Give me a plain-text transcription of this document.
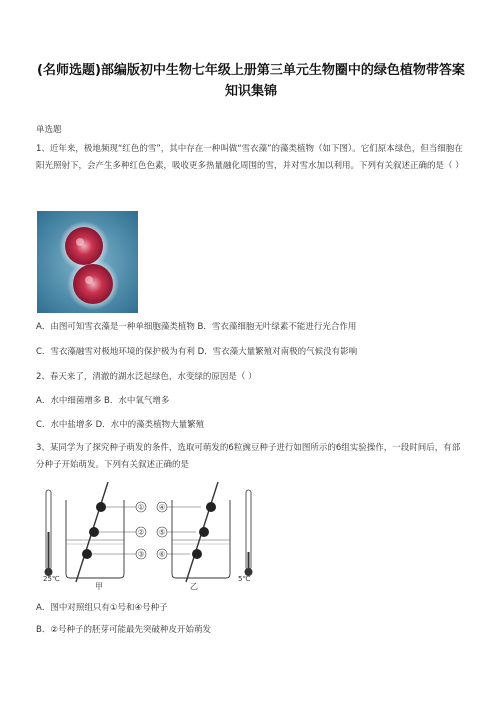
(名师选题)部编版初中生物七年级上册第三单元生物圈中的绿色植物带答案
知识集锦
单选题
1、近年来，极地频现“红色的雪”，其中存在一种叫做“雪衣藻”的藻类植物（如下图）。它们原本绿色，但当细胞在阳光照射下，会产生多种红色色素，吸收更多热量融化周围的雪，并对雪水加以利用。下列有关叙述正确的是（ ）
A．由图可知雪衣藻是一种单细胞藻类植物 B．雪衣藻细胞无叶绿素不能进行光合作用
C．雪衣藻融雪对极地环境的保护极为有利 D．雪衣藻大量繁殖对南极的气候没有影响
2、春天来了，清澈的湖水泛起绿色，水变绿的原因是（ ）
A．水中细菌增多 B．水中氧气增多
C．水中盐增多 D．水中的藻类植物大量繁殖
3、某同学为了探究种子萌发的条件，选取可萌发的6粒豌豆种子进行如图所示的6组实验操作，一段时间后，有部分种子开始萌发。下列有关叙述正确的是
25℃
甲
①
②
③
④
⑤
⑥
乙
5℃
A．图中对照组只有①号和④号种子
B．②号种子的胚芽可能最先突破种皮开始萌发
